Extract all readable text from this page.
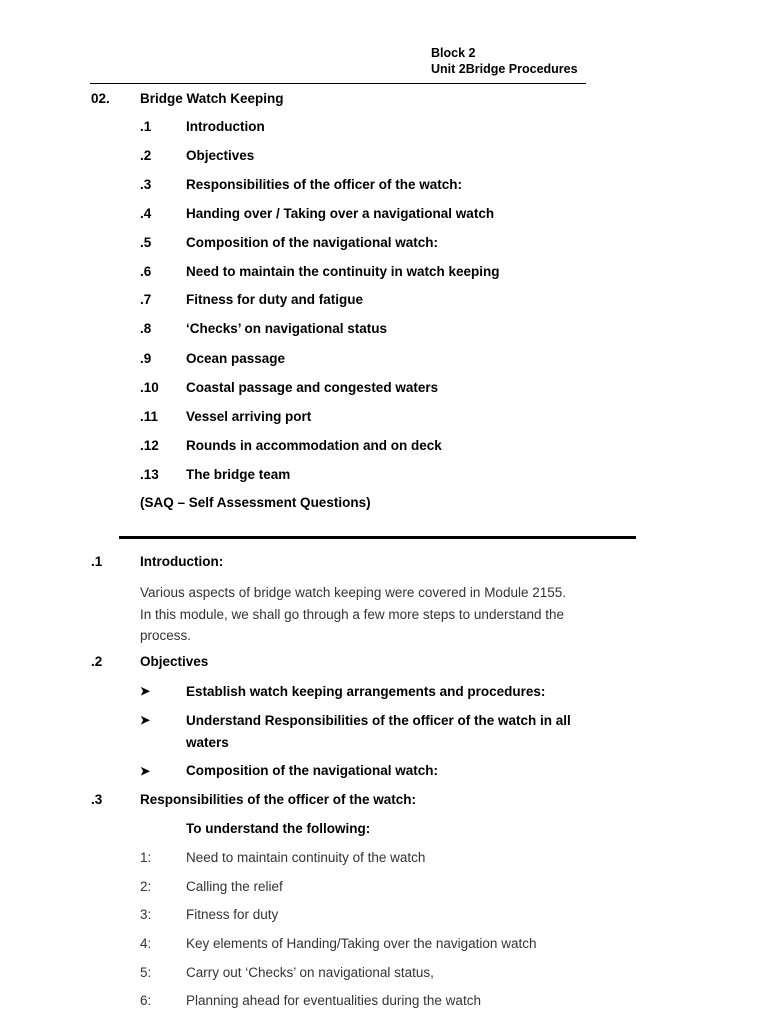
Block 2
Unit 2Bridge Procedures
02. Bridge Watch Keeping
.1	Introduction
.2	Objectives
.3	Responsibilities of the officer of the watch:
.4	Handing over / Taking over a navigational watch
.5	Composition of the navigational watch:
.6	Need to maintain the continuity in watch keeping
.7	Fitness for duty and fatigue
.8	‘Checks’ on navigational status
.9	Ocean passage
.10 Coastal passage and congested waters
.11 Vessel arriving port
.12 Rounds in accommodation and on deck
.13 The bridge team
(SAQ – Self Assessment Questions)
.1	Introduction:
Various aspects of bridge watch keeping were covered in Module 2155. In this module, we shall go through a few more steps to understand the process.
.2	Objectives
➤	Establish watch keeping arrangements and procedures:
➤	Understand Responsibilities of the officer of the watch in all waters
➤	Composition of the navigational watch:
.3	Responsibilities of the officer of the watch:
To understand the following:
1:	Need to maintain continuity of the watch
2:	Calling the relief
3:	Fitness for duty
4:	Key elements of Handing/Taking over the navigation watch
5:	Carry out ‘Checks’ on navigational status,
6:	Planning ahead for eventualities during the watch
